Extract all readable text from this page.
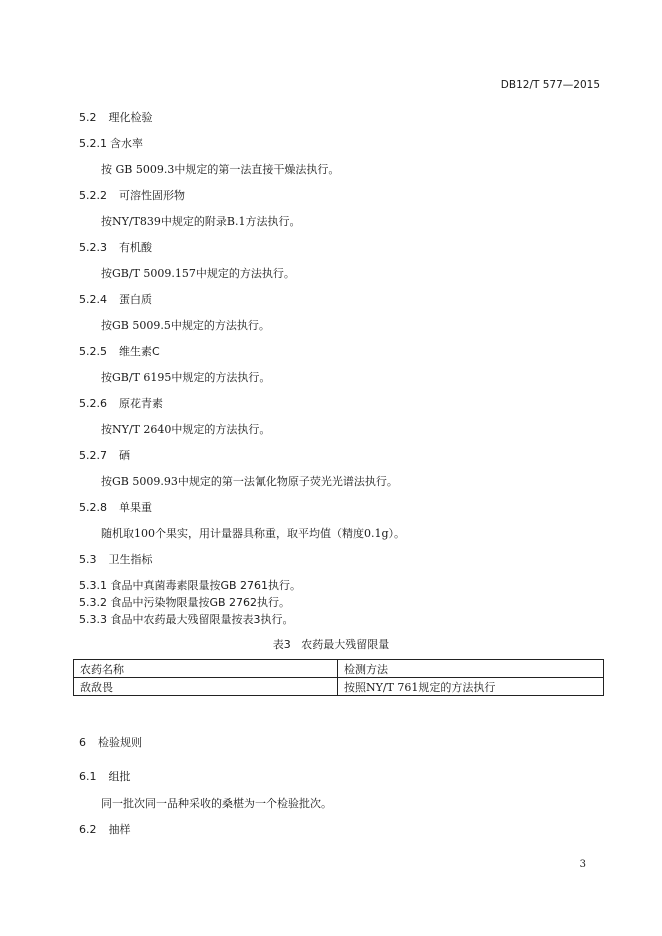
DB12/T 577—2015
5.2 理化检验
5.2.1 含水率
按 GB 5009.3中规定的第一法直接干燥法执行。
5.2.2 可溶性固形物
按NY/T839中规定的附录B.1方法执行。
5.2.3 有机酸
按GB/T 5009.157中规定的方法执行。
5.2.4 蛋白质
按GB 5009.5中规定的方法执行。
5.2.5 维生素C
按GB/T 6195中规定的方法执行。
5.2.6 原花青素
按NY/T 2640中规定的方法执行。
5.2.7 硒
按GB 5009.93中规定的第一法氰化物原子荧光光谱法执行。
5.2.8 单果重
随机取100个果实，用计量器具称重，取平均值（精度0.1g）。
5.3 卫生指标
5.3.1 食品中真菌毒素限量按GB 2761执行。
5.3.2 食品中污染物限量按GB 2762执行。
5.3.3 食品中农药最大残留限量按表3执行。
表3   农药最大残留限量
农药名称	检测方法
敌敌畏	按照NY/T 761规定的方法执行
6 检验规则
6.1 组批
同一批次同一品种采收的桑椹为一个检验批次。
6.2 抽样
3
